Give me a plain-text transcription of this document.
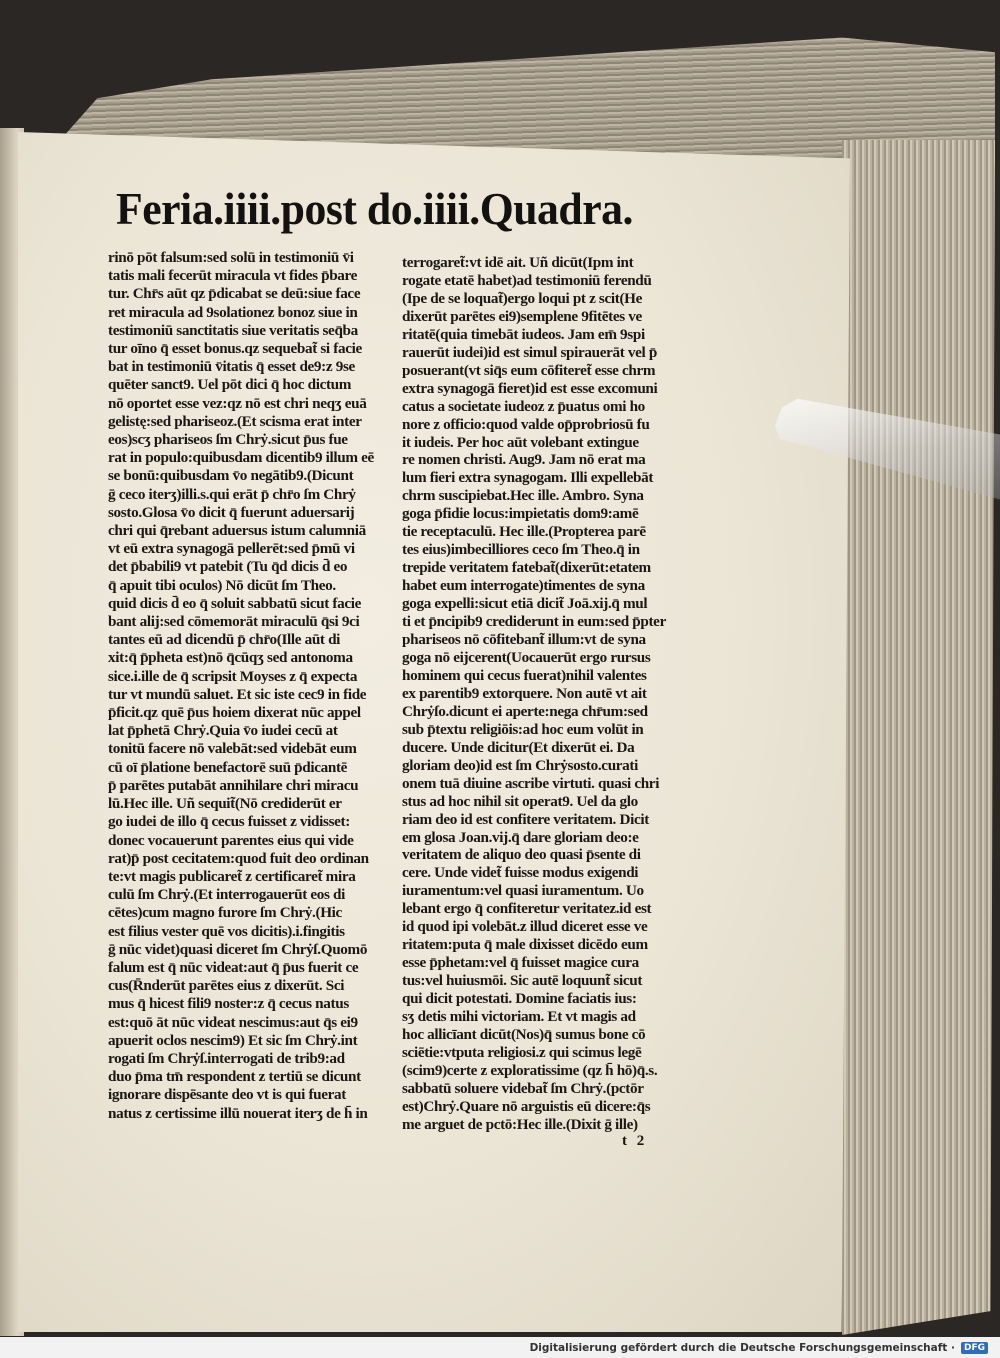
Feria.iiii.post do.iiii.Quadra.
rinō pōt falsum:sed solū in testimoniū v̄i
tatis mali fecerūt miracula vt fides p̄bare
tur. Chr̄s aūt qz p̄dicabat se deū:siue face
ret miracula ad 9solationez bonoz siue in
testimoniū sanctitatis siue veritatis seq̄ba
tur oīno q̄ esset bonus.qz sequebat̃ si facie
bat in testimoniū v̄itatis q̄ esset de9:z 9se
quēter sanct9. Uel pōt dici q̄ hoc dictum
nō oportet esse vez:qz nō est chri neqʒ euā
gelistę:sed phariseoz.(Et scisma erat inter
eos)scʒ phariseos ſm Chrẏ.sicut p̄us fue
rat in populo:quibusdam dicentib9 illum eē
se bonū:quibusdam v̄o negātib9.(Dicunt
ḡ ceco iterʒ)illi.s.qui erāt p̄ chr̄o ſm Chrẏ
sosto.Glosa v̄o dicit q̄ fuerunt aduersarij
chri qui q̄rebant aduersus istum calumniā
vt eū extra synagogā pellerēt:sed p̄mū vi
det p̄babili9 vt patebit (Tu q̄d dicis d̄ eo
q̄ apuit tibi oculos) Nō dicūt ſm Theo.
quid dicis d̄ eo q̄ soluit sabbatū sicut facie
bant alij:sed cōmemorāt miraculū q̄si 9ci
tantes eū ad dicendū p̄ chr̄o(Ille aūt di
xit:q̄ p̄pheta est)nō q̄cūqʒ sed antonoma
sice.i.ille de q̄ scripsit Moyses z q̄ expecta
tur vt mundū saluet. Et sic iste cec9 in fide
p̄ficit.qz quē p̄us hoiem dixerat nūc appel
lat p̄phetā Chrẏ.Quia v̄o iudei cecū at
tonitū facere nō valebāt:sed videbāt eum
cū oī p̄latione benefactorē suū p̄dicantē
p̄ parētes putabāt annihilare chri miracu
lū.Hec ille. Uñ sequit̃(Nō crediderūt er
go iudei de illo q̄ cecus fuisset z vidisset:
donec vocauerunt parentes eius qui vide
rat)p̄ post cecitatem:quod fuit deo ordinan
te:vt magis publicaret̃ z certificaret̃ mira
culū ſm Chrẏ.(Et interrogauerūt eos di
cētes)cum magno furore ſm Chrẏ.(Hic
est filius vester quē vos dicitis).i.fingitis
ḡ nūc videt)quasi diceret ſm Chrẏſ.Quomō
falum est q̄ nūc videat:aut q̄ p̄us fuerit ce
cus(R̄nderūt parētes eius z dixerūt. Sci
mus q̄ hicest fili9 noster:z q̄ cecus natus
est:quō āt nūc videat nescimus:aut q̄s ei9
apuerit oclos nescim9) Et sic ſm Chrẏ.int
rogati ſm Chrẏſ.interrogati de trib9:ad
duo p̄ma tm̄ respondent z tertiū se dicunt
ignorare dispēsante deo vt is qui fuerat
natus z certissime illū nouerat iterʒ de h̄ in
terrogaret̃:vt idē ait. Uñ dicūt(Ipm int
rogate etatē habet)ad testimoniū ferendū
(Ipe de se loquat̃)ergo loqui pt z scit(He
dixerūt parētes ei9)semplene 9fitētes ve
ritatē(quia timebāt iudeos. Jam em̄ 9spi
rauerūt iudei)id est simul spirauerāt vel p̄
posuerant(vt siq̄s eum cōfiteret̃ esse chrm
extra synagogā fieret)id est esse excomuni
catus a societate iudeoz z p̄uatus omi ho
nore z officio:quod valde op̄probriosū fu
it iudeis. Per hoc aūt volebant extingue
re nomen christi. Aug9. Jam nō erat ma
lum fieri extra synagogam. Illi expellebāt
chrm suscipiebat.Hec ille. Ambro. Syna
goga p̄fidie locus:impietatis dom9:amē
tie receptaculū. Hec ille.(Propterea parē
tes eius)imbecilliores ceco ſm Theo.q̄ in
trepide veritatem fatebat̃(dixerūt:etatem
habet eum interrogate)timentes de syna
goga expelli:sicut etiā dicit̃ Joā.xij.q̄ mul
ti et p̄ncipib9 crediderunt in eum:sed p̄pter
phariseos nō cōfitebant̃ illum:vt de syna
goga nō eijcerent(Uocauerūt ergo rursus
hominem qui cecus fuerat)nihil valentes
ex parentib9 extorquere. Non autē vt ait
Chrẏſo.dicunt ei aperte:nega chr̄um:sed
sub p̄textu religiōis:ad hoc eum volūt in
ducere. Unde dicitur(Et dixerūt ei. Da
gloriam deo)id est ſm Chrẏsosto.curati
onem tuā diuine ascribe virtuti. quasi chri
stus ad hoc nihil sit operat9. Uel da glo
riam deo id est confitere veritatem. Dicit
em glosa Joan.vij.q̄ dare gloriam deo:e
veritatem de aliquo deo quasi p̄sente di
cere. Unde videt̃ fuisse modus exigendi
iuramentum:vel quasi iuramentum. Uo
lebant ergo q̄ confiteretur veritatez.id est
id quod ipi volebāt.z illud diceret esse ve
ritatem:puta q̄ male dixisset dicēdo eum
esse p̄phetam:vel q̄ fuisset magice cura
tus:vel huiusmōi. Sic autē loquunt̃ sicut
qui dicit potestati. Domine faciatis ius:
sʒ detis mihi victoriam. Et vt magis ad
hoc allicīant dicūt(Nos)q̄ sumus bone cō
sciētie:vtputa religiosi.z qui scimus legē
(scim9)certe z exploratissime (qz h̄ hō)q̄.s.
sabbatū soluere videbat̃ ſm Chrẏ.(pctōr
est)Chrẏ.Quare nō arguistis eū dicere:q̄s
me arguet de pctō:Hec ille.(Dixit ḡ ille)
t 2
Digitalisierung gefördert durch die Deutsche Forschungsgemeinschaft ·	DFG
